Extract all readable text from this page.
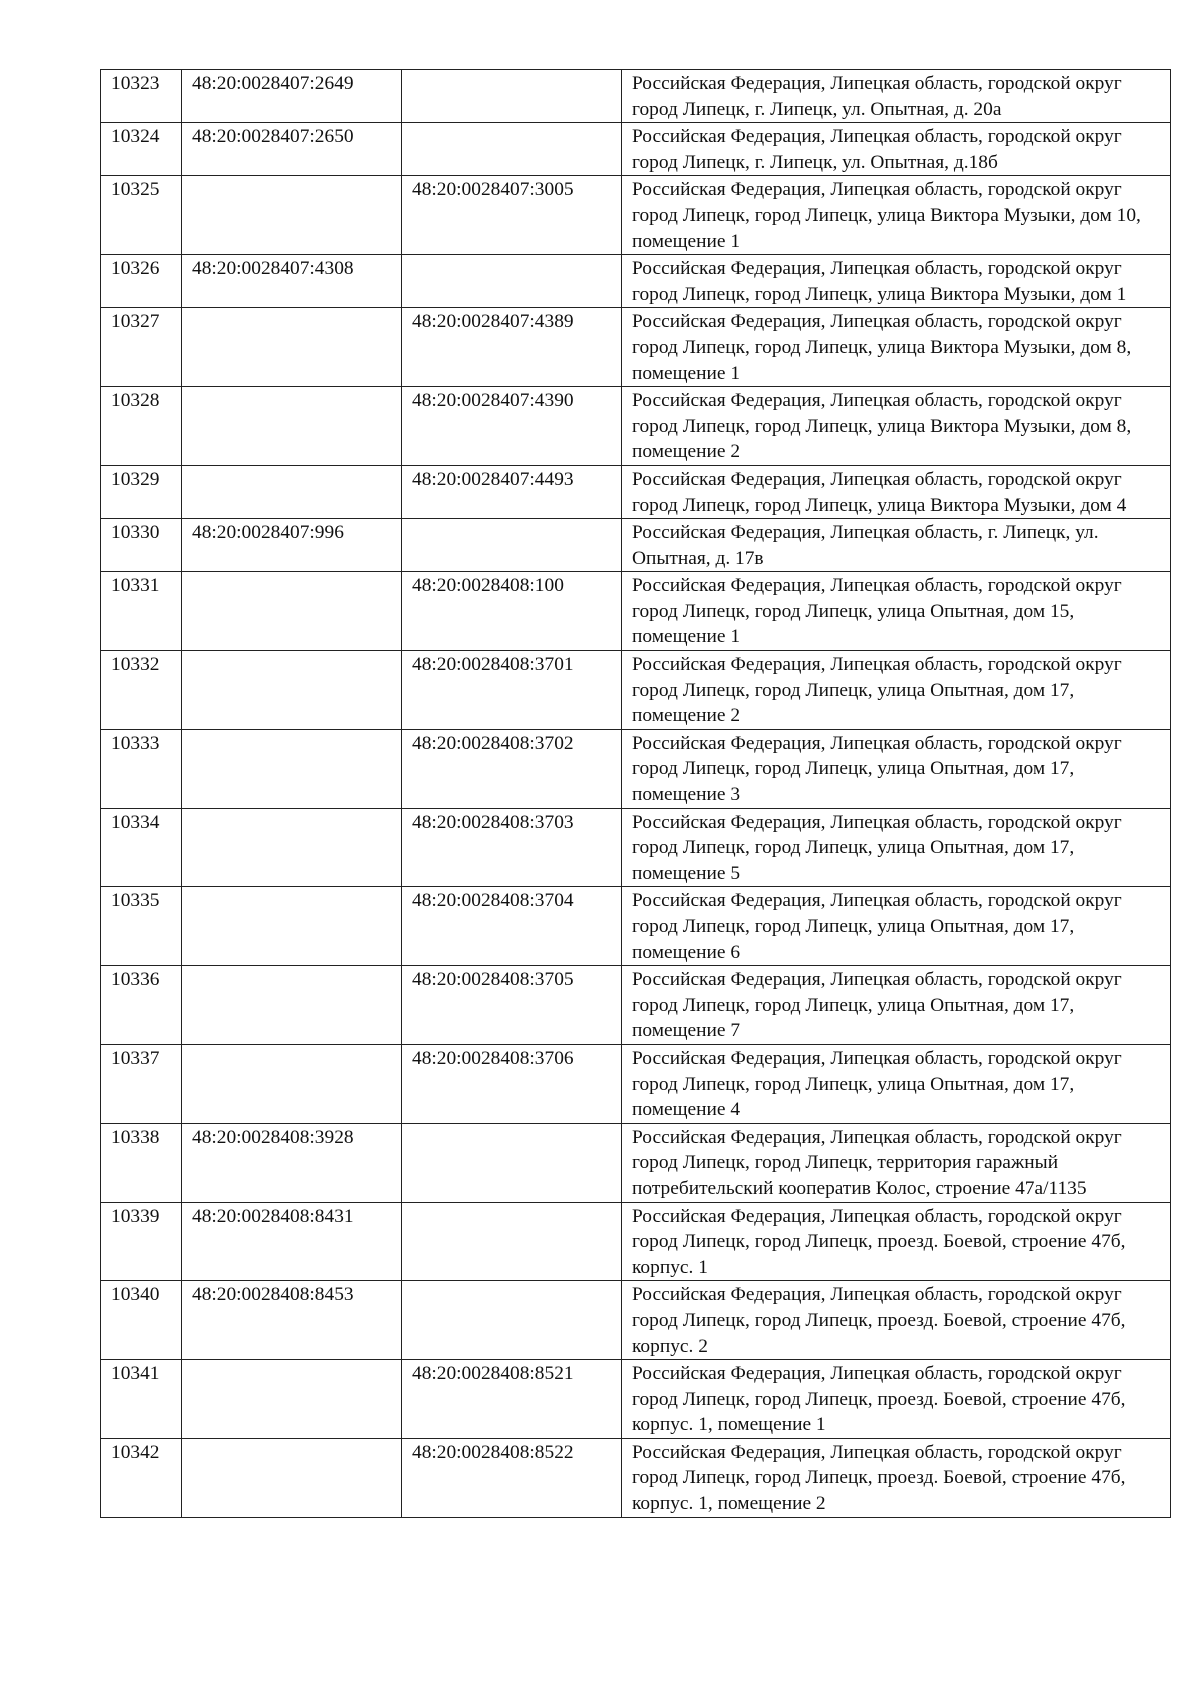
10323	48:20:0028407:2649		Российская Федерация, Липецкая область, городской округ город Липецк, г. Липецк, ул. Опытная, д. 20а
10324	48:20:0028407:2650		Российская Федерация, Липецкая область, городской округ город Липецк, г. Липецк, ул. Опытная, д.18б
10325		48:20:0028407:3005	Российская Федерация, Липецкая область, городской округ город Липецк, город Липецк, улица Виктора Музыки, дом 10, помещение 1
10326	48:20:0028407:4308		Российская Федерация, Липецкая область, городской округ город Липецк, город Липецк, улица Виктора Музыки, дом 1
10327		48:20:0028407:4389	Российская Федерация, Липецкая область, городской округ город Липецк, город Липецк, улица Виктора Музыки, дом 8, помещение 1
10328		48:20:0028407:4390	Российская Федерация, Липецкая область, городской округ город Липецк, город Липецк, улица Виктора Музыки, дом 8, помещение 2
10329		48:20:0028407:4493	Российская Федерация, Липецкая область, городской округ город Липецк, город Липецк, улица Виктора Музыки, дом 4
10330	48:20:0028407:996		Российская Федерация, Липецкая область, г. Липецк, ул. Опытная, д. 17в
10331		48:20:0028408:100	Российская Федерация, Липецкая область, городской округ город Липецк, город Липецк, улица Опытная, дом 15, помещение 1
10332		48:20:0028408:3701	Российская Федерация, Липецкая область, городской округ город Липецк, город Липецк, улица Опытная, дом 17, помещение 2
10333		48:20:0028408:3702	Российская Федерация, Липецкая область, городской округ город Липецк, город Липецк, улица Опытная, дом 17, помещение 3
10334		48:20:0028408:3703	Российская Федерация, Липецкая область, городской округ город Липецк, город Липецк, улица Опытная, дом 17, помещение 5
10335		48:20:0028408:3704	Российская Федерация, Липецкая область, городской округ город Липецк, город Липецк, улица Опытная, дом 17, помещение 6
10336		48:20:0028408:3705	Российская Федерация, Липецкая область, городской округ город Липецк, город Липецк, улица Опытная, дом 17, помещение 7
10337		48:20:0028408:3706	Российская Федерация, Липецкая область, городской округ город Липецк, город Липецк, улица Опытная, дом 17, помещение 4
10338	48:20:0028408:3928		Российская Федерация, Липецкая область, городской округ город Липецк, город Липецк, территория гаражный потребительский кооператив Колос, строение 47а/1135
10339	48:20:0028408:8431		Российская Федерация, Липецкая область, городской округ город Липецк, город Липецк, проезд. Боевой, строение 47б, корпус. 1
10340	48:20:0028408:8453		Российская Федерация, Липецкая область, городской округ город Липецк, город Липецк, проезд. Боевой, строение 47б, корпус. 2
10341		48:20:0028408:8521	Российская Федерация, Липецкая область, городской округ город Липецк, город Липецк, проезд. Боевой, строение 47б, корпус. 1, помещение 1
10342		48:20:0028408:8522	Российская Федерация, Липецкая область, городской округ город Липецк, город Липецк, проезд. Боевой, строение 47б, корпус. 1, помещение 2
